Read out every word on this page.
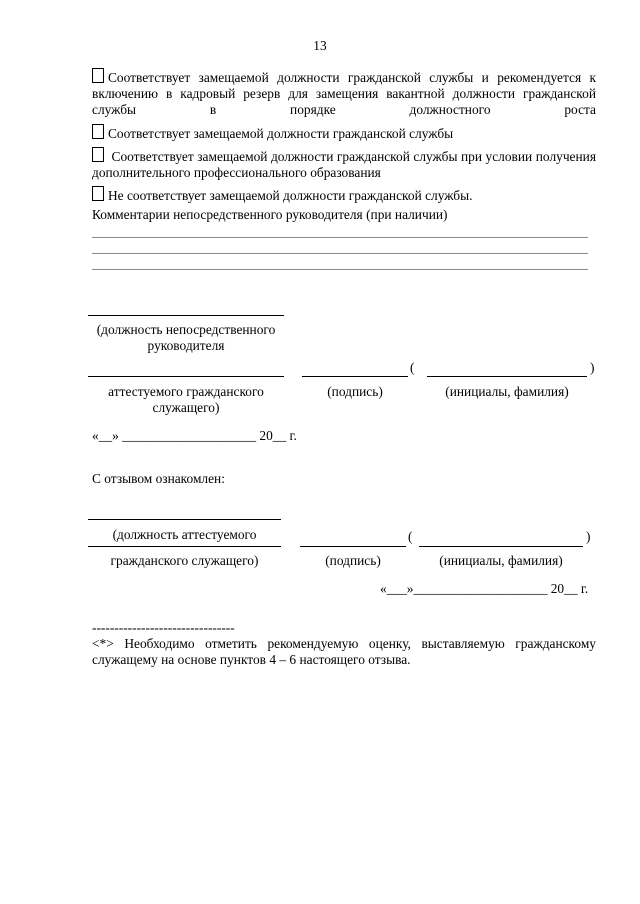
13
Соответствует замещаемой должности гражданской службы и рекомендуется к включению в кадровый резерв для замещения вакантной должности гражданской службы в порядке должностного роста
Соответствует замещаемой должности гражданской службы
Соответствует замещаемой должности гражданской службы при условии получения дополнительного профессионального образования
Не соответствует замещаемой должности гражданской службы.
Комментарии непосредственного руководителя (при наличии)
(должность непосредственного
руководителя
(	)
аттестуемого гражданского
служащего)
(подпись)	(инициалы, фамилия)
«__» ____________________ 20__ г.
С отзывом ознакомлен:
(должность аттестуемого	(	)
гражданского служащего)	(подпись)	(инициалы, фамилия)
«___»____________________ 20__ г.
--------------------------------
<*> Необходимо отметить рекомендуемую оценку, выставляемую гражданскому служащему на основе пунктов 4 – 6 настоящего отзыва.
